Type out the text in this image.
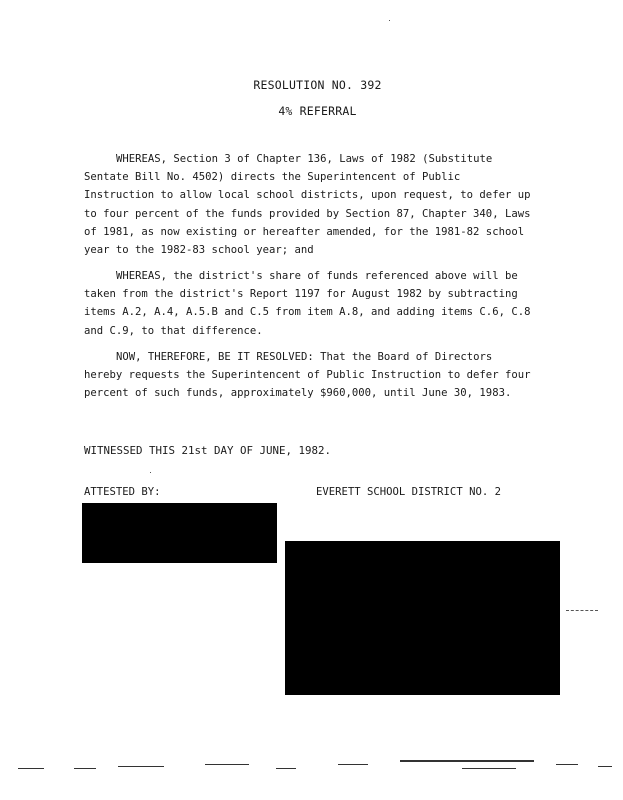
RESOLUTION NO. 392
4% REFERRAL

WHEREAS, Section 3 of Chapter 136, Laws of 1982 (Substitute Sentate Bill No. 4502) directs the Superintencent of Public Instruction to allow local school districts, upon request, to defer up to four percent of the funds provided by Section 87, Chapter 340, Laws of 1981, as now existing or hereafter amended, for the 1981-82 school year to the 1982-83 school year; and

WHEREAS, the district's share of funds referenced above will be taken from the district's Report 1197 for August 1982 by subtracting items A.2, A.4, A.5.B and C.5 from item A.8, and adding items C.6, C.8 and C.9, to that difference.

NOW, THEREFORE, BE IT RESOLVED: That the Board of Directors hereby requests the Superintencent of Public Instruction to defer four percent of such funds, approximately $960,000, until June 30, 1983.

WITNESSED THIS 21st DAY OF JUNE, 1982.
ATTESTED BY:	EVERETT SCHOOL DISTRICT NO. 2
